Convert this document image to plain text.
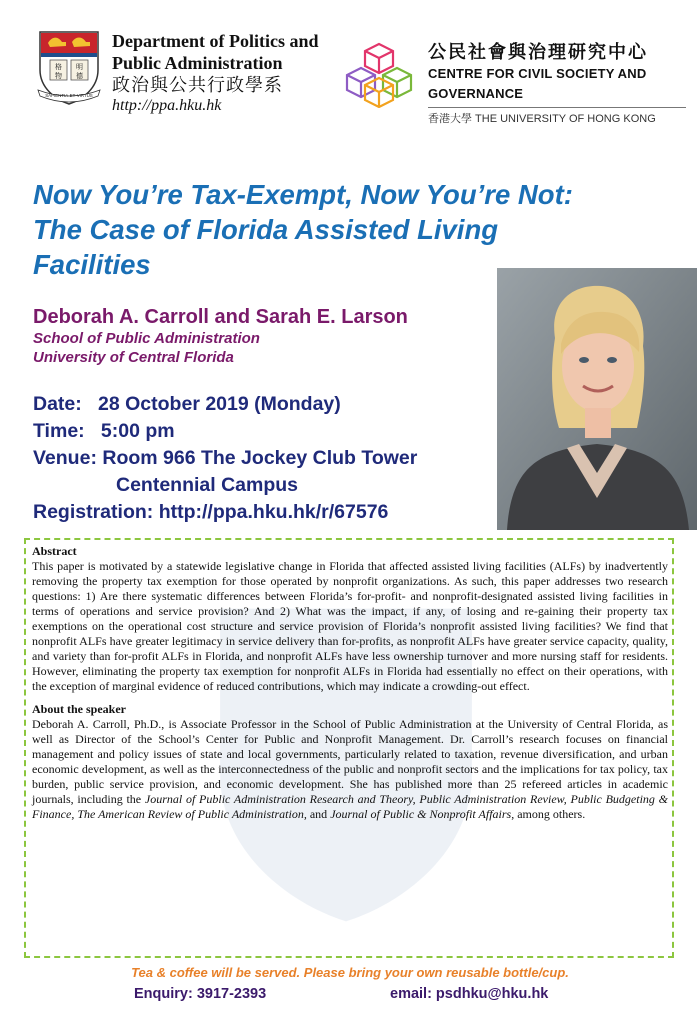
格 明
物 德
SAPIENTIA·ET·VIRTUS
Department of Politics and
Public Administration
政治與公共行政學系
http://ppa.hku.hk
公民社會與治理研究中心
CENTRE FOR CIVIL SOCIETY AND GOVERNANCE
香港大學 THE UNIVERSITY OF HONG KONG
Now You’re Tax-Exempt, Now You’re Not:
The Case of Florida Assisted Living
Facilities
Deborah A. Carroll and Sarah E. Larson
School of Public Administration
University of Central Florida
Date: 28 October 2019 (Monday)
Time: 5:00 pm
Venue: Room 966 The Jockey Club Tower
Centennial Campus
Registration: http://ppa.hku.hk/r/67576
Abstract

This paper is motivated by a statewide legislative change in Florida that affected assisted living facilities (ALFs) by inadvertently removing the property tax exemption for those operated by nonprofit organizations. As such, this paper addresses two research questions: 1) Are there systematic differences between Florida’s for-profit- and nonprofit-designated assisted living facilities in terms of operations and service provision? And 2) What was the impact, if any, of losing and re-gaining their property tax exemptions on the operational cost structure and service provision of Florida’s nonprofit assisted living facilities? We find that nonprofit ALFs have greater legitimacy in service delivery than for-profits, as nonprofit ALFs have greater service capacity, quality, and variety than for-profit ALFs in Florida, and nonprofit ALFs have less ownership turnover and more nursing staff for residents. However, eliminating the property tax exemption for nonprofit ALFs in Florida had essentially no effect on their operations, with the exception of marginal evidence of reduced contributions, which may indicate a crowding-out effect.

About the speaker

Deborah A. Carroll, Ph.D., is Associate Professor in the School of Public Administration at the University of Central Florida, as well as Director of the School’s Center for Public and Nonprofit Management. Dr. Carroll’s research focuses on financial management and policy issues of state and local governments, particularly related to taxation, revenue diversification, and urban economic development, as well as the interconnectedness of the public and nonprofit sectors and the implications for tax policy, tax burden, public service provision, and economic development. She has published more than 25 refereed articles in academic journals, including the Journal of Public Administration Research and Theory, Public Administration Review, Public Budgeting & Finance, The American Review of Public Administration, and Journal of Public & Nonprofit Affairs, among others.

Tea & coffee will be served. Please bring your own reusable bottle/cup.
Enquiry: 3917-2393	email: psdhku@hku.hk
